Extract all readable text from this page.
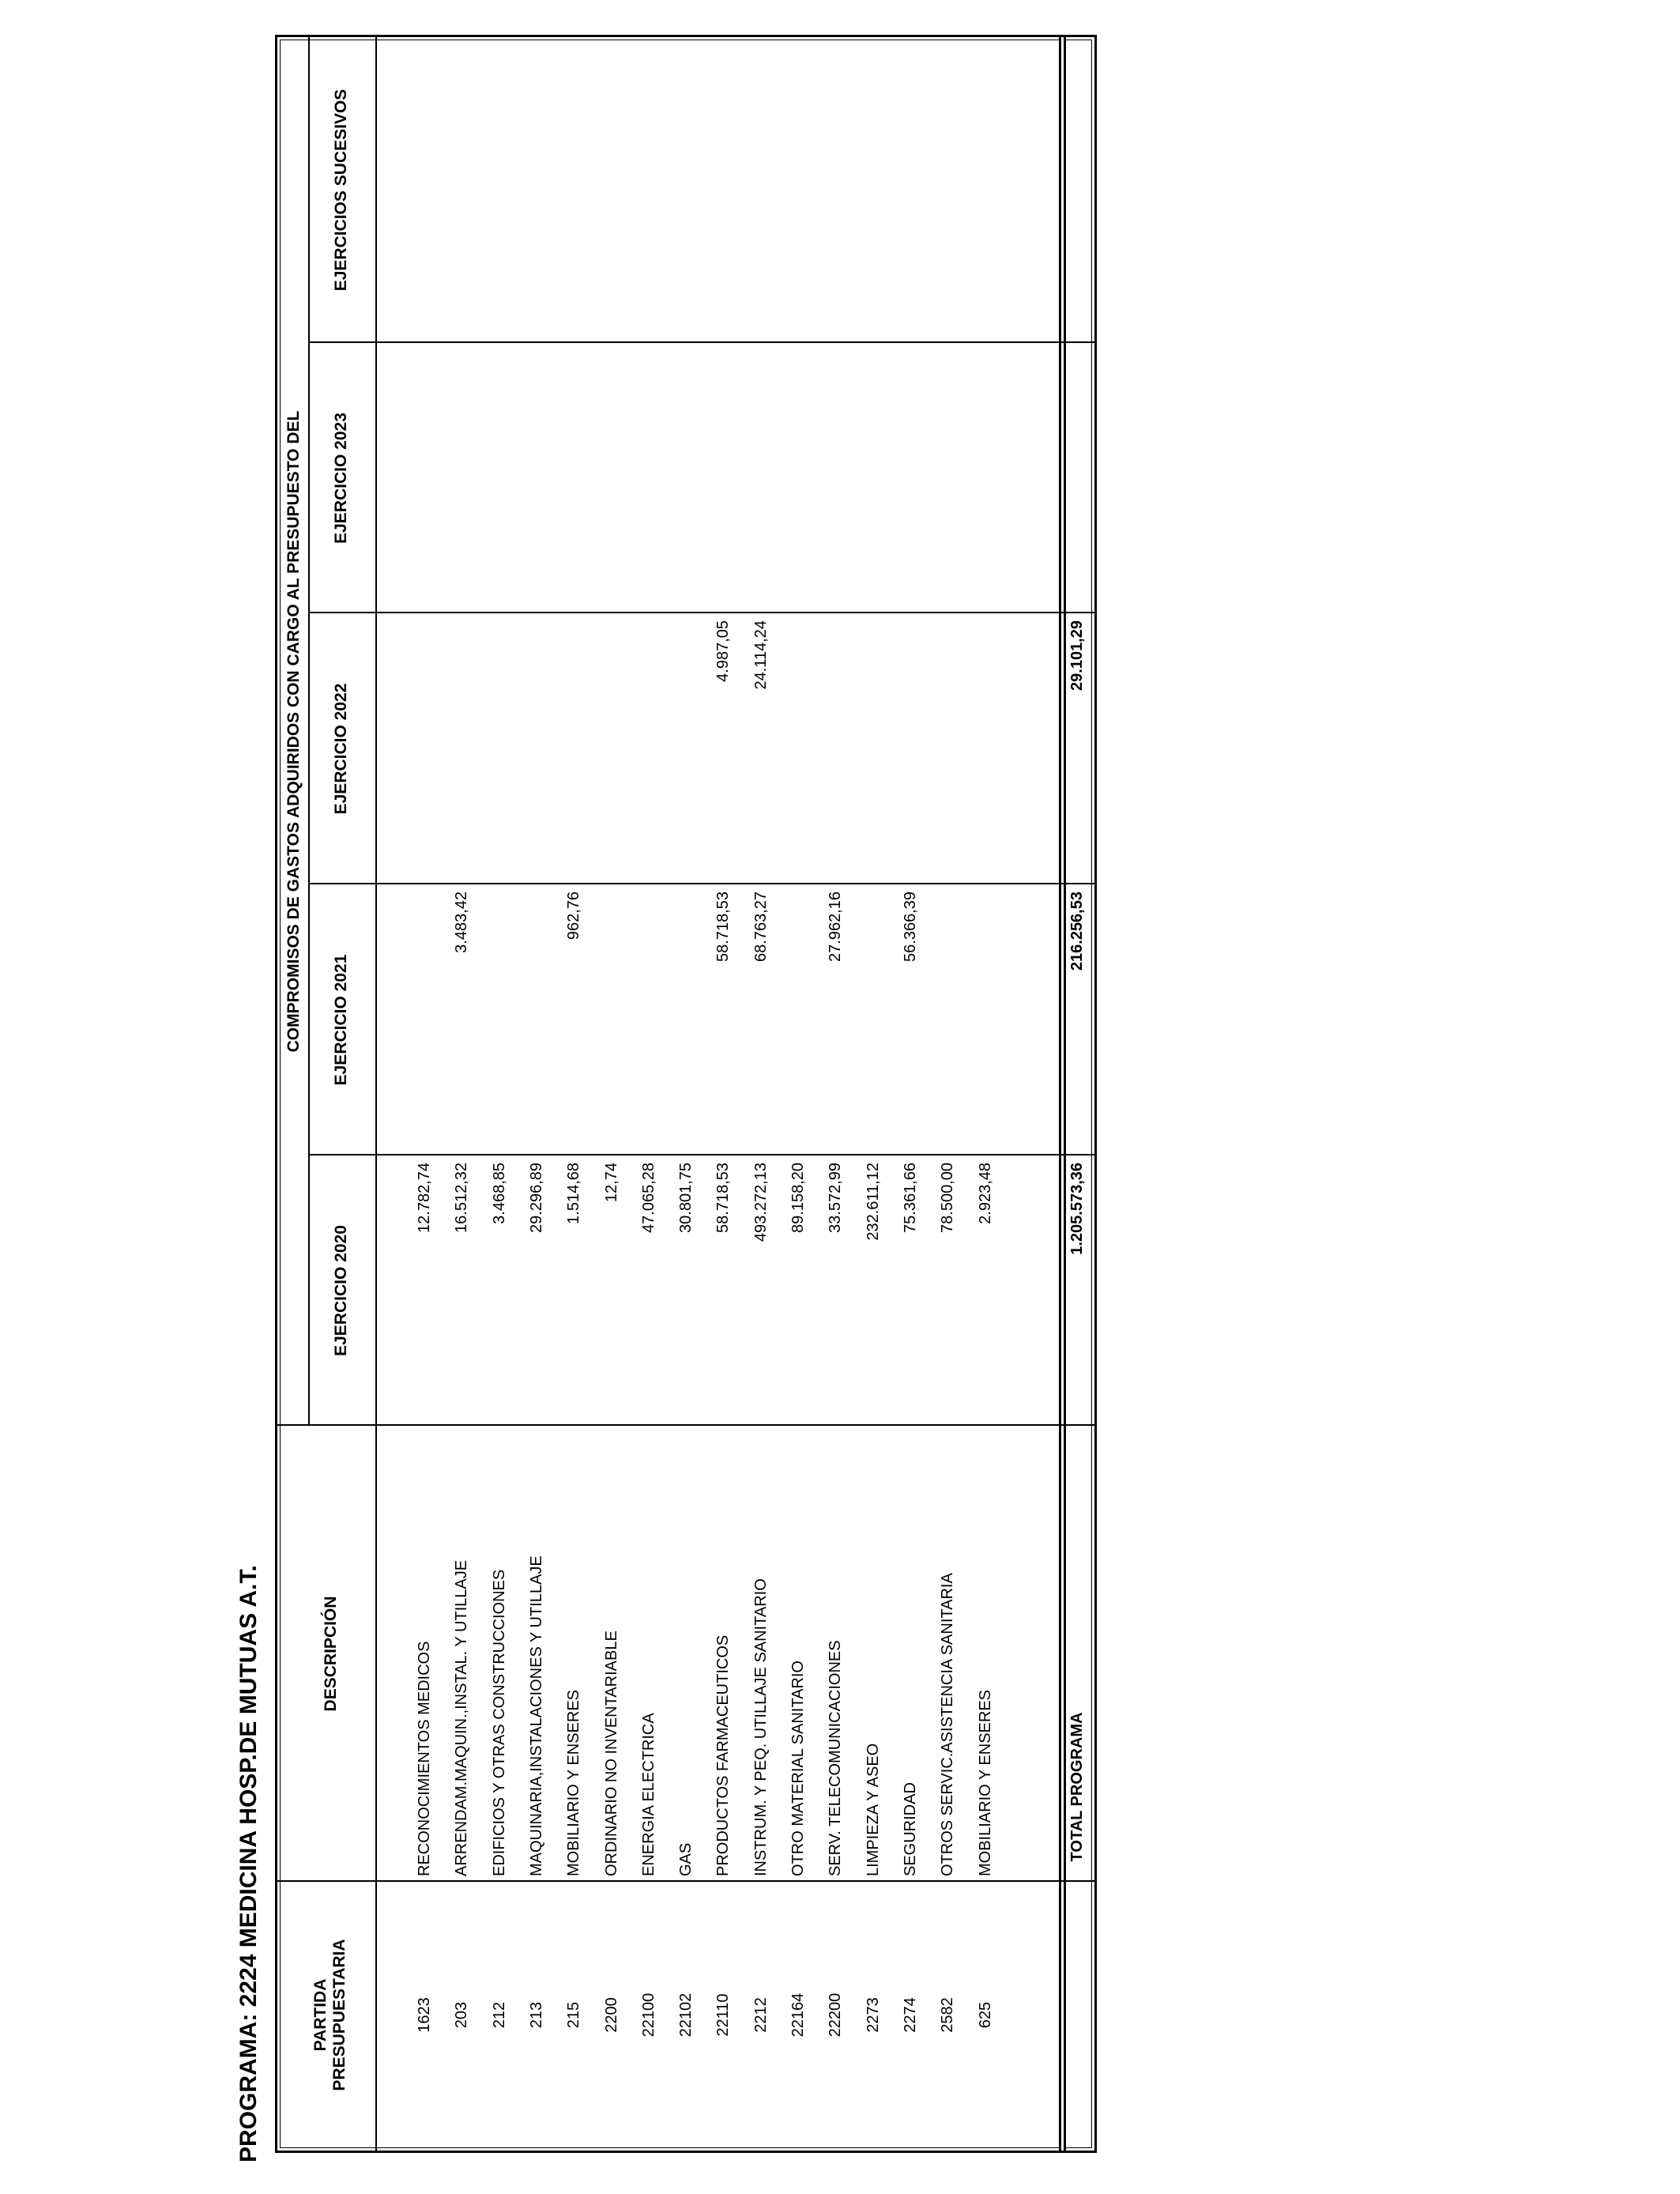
PROGRAMA: 2224 MEDICINA HOSP.DE MUTUAS A.T.	PARTIDA PRESUPUESTARIA
DESCRIPCIÓN
COMPROMISOS DE GASTOS ADQUIRIDOS CON CARGO AL PRESUPUESTO DEL
EJERCICIO 2020
EJERCICIO 2021
EJERCICIO 2022
EJERCICIO 2023
EJERCICIOS SUCESIVOS
1623
RECONOCIMIENTOS MEDICOS
12.782,74
203
ARRENDAM.MAQUIN.,INSTAL. Y UTILLAJE
16.512,32
3.483,42
212
EDIFICIOS Y OTRAS CONSTRUCCIONES
3.468,85
213
MAQUINARIA,INSTALACIONES Y UTILLAJE
29.296,89
215
MOBILIARIO Y ENSERES
1.514,68
962,76
2200
ORDINARIO NO INVENTARIABLE
12,74
22100
ENERGIA ELECTRICA
47.065,28
22102
GAS
30.801,75
22110
PRODUCTOS FARMACEUTICOS
58.718,53
58.718,53
4.987,05
2212
INSTRUM. Y PEQ. UTILLAJE SANITARIO
493.272,13
68.763,27
24.114,24
22164
OTRO MATERIAL SANITARIO
89.158,20
22200
SERV. TELECOMUNICACIONES
33.572,99
27.962,16
2273
LIMPIEZA Y ASEO
232.611,12
2274
SEGURIDAD
75.361,66
56.366,39
2582
OTROS SERVIC.ASISTENCIA SANITARIA
78.500,00
625
MOBILIARIO Y ENSERES
2.923,48
TOTAL PROGRAMA
1.205.573,36
216.256,53
29.101,29
